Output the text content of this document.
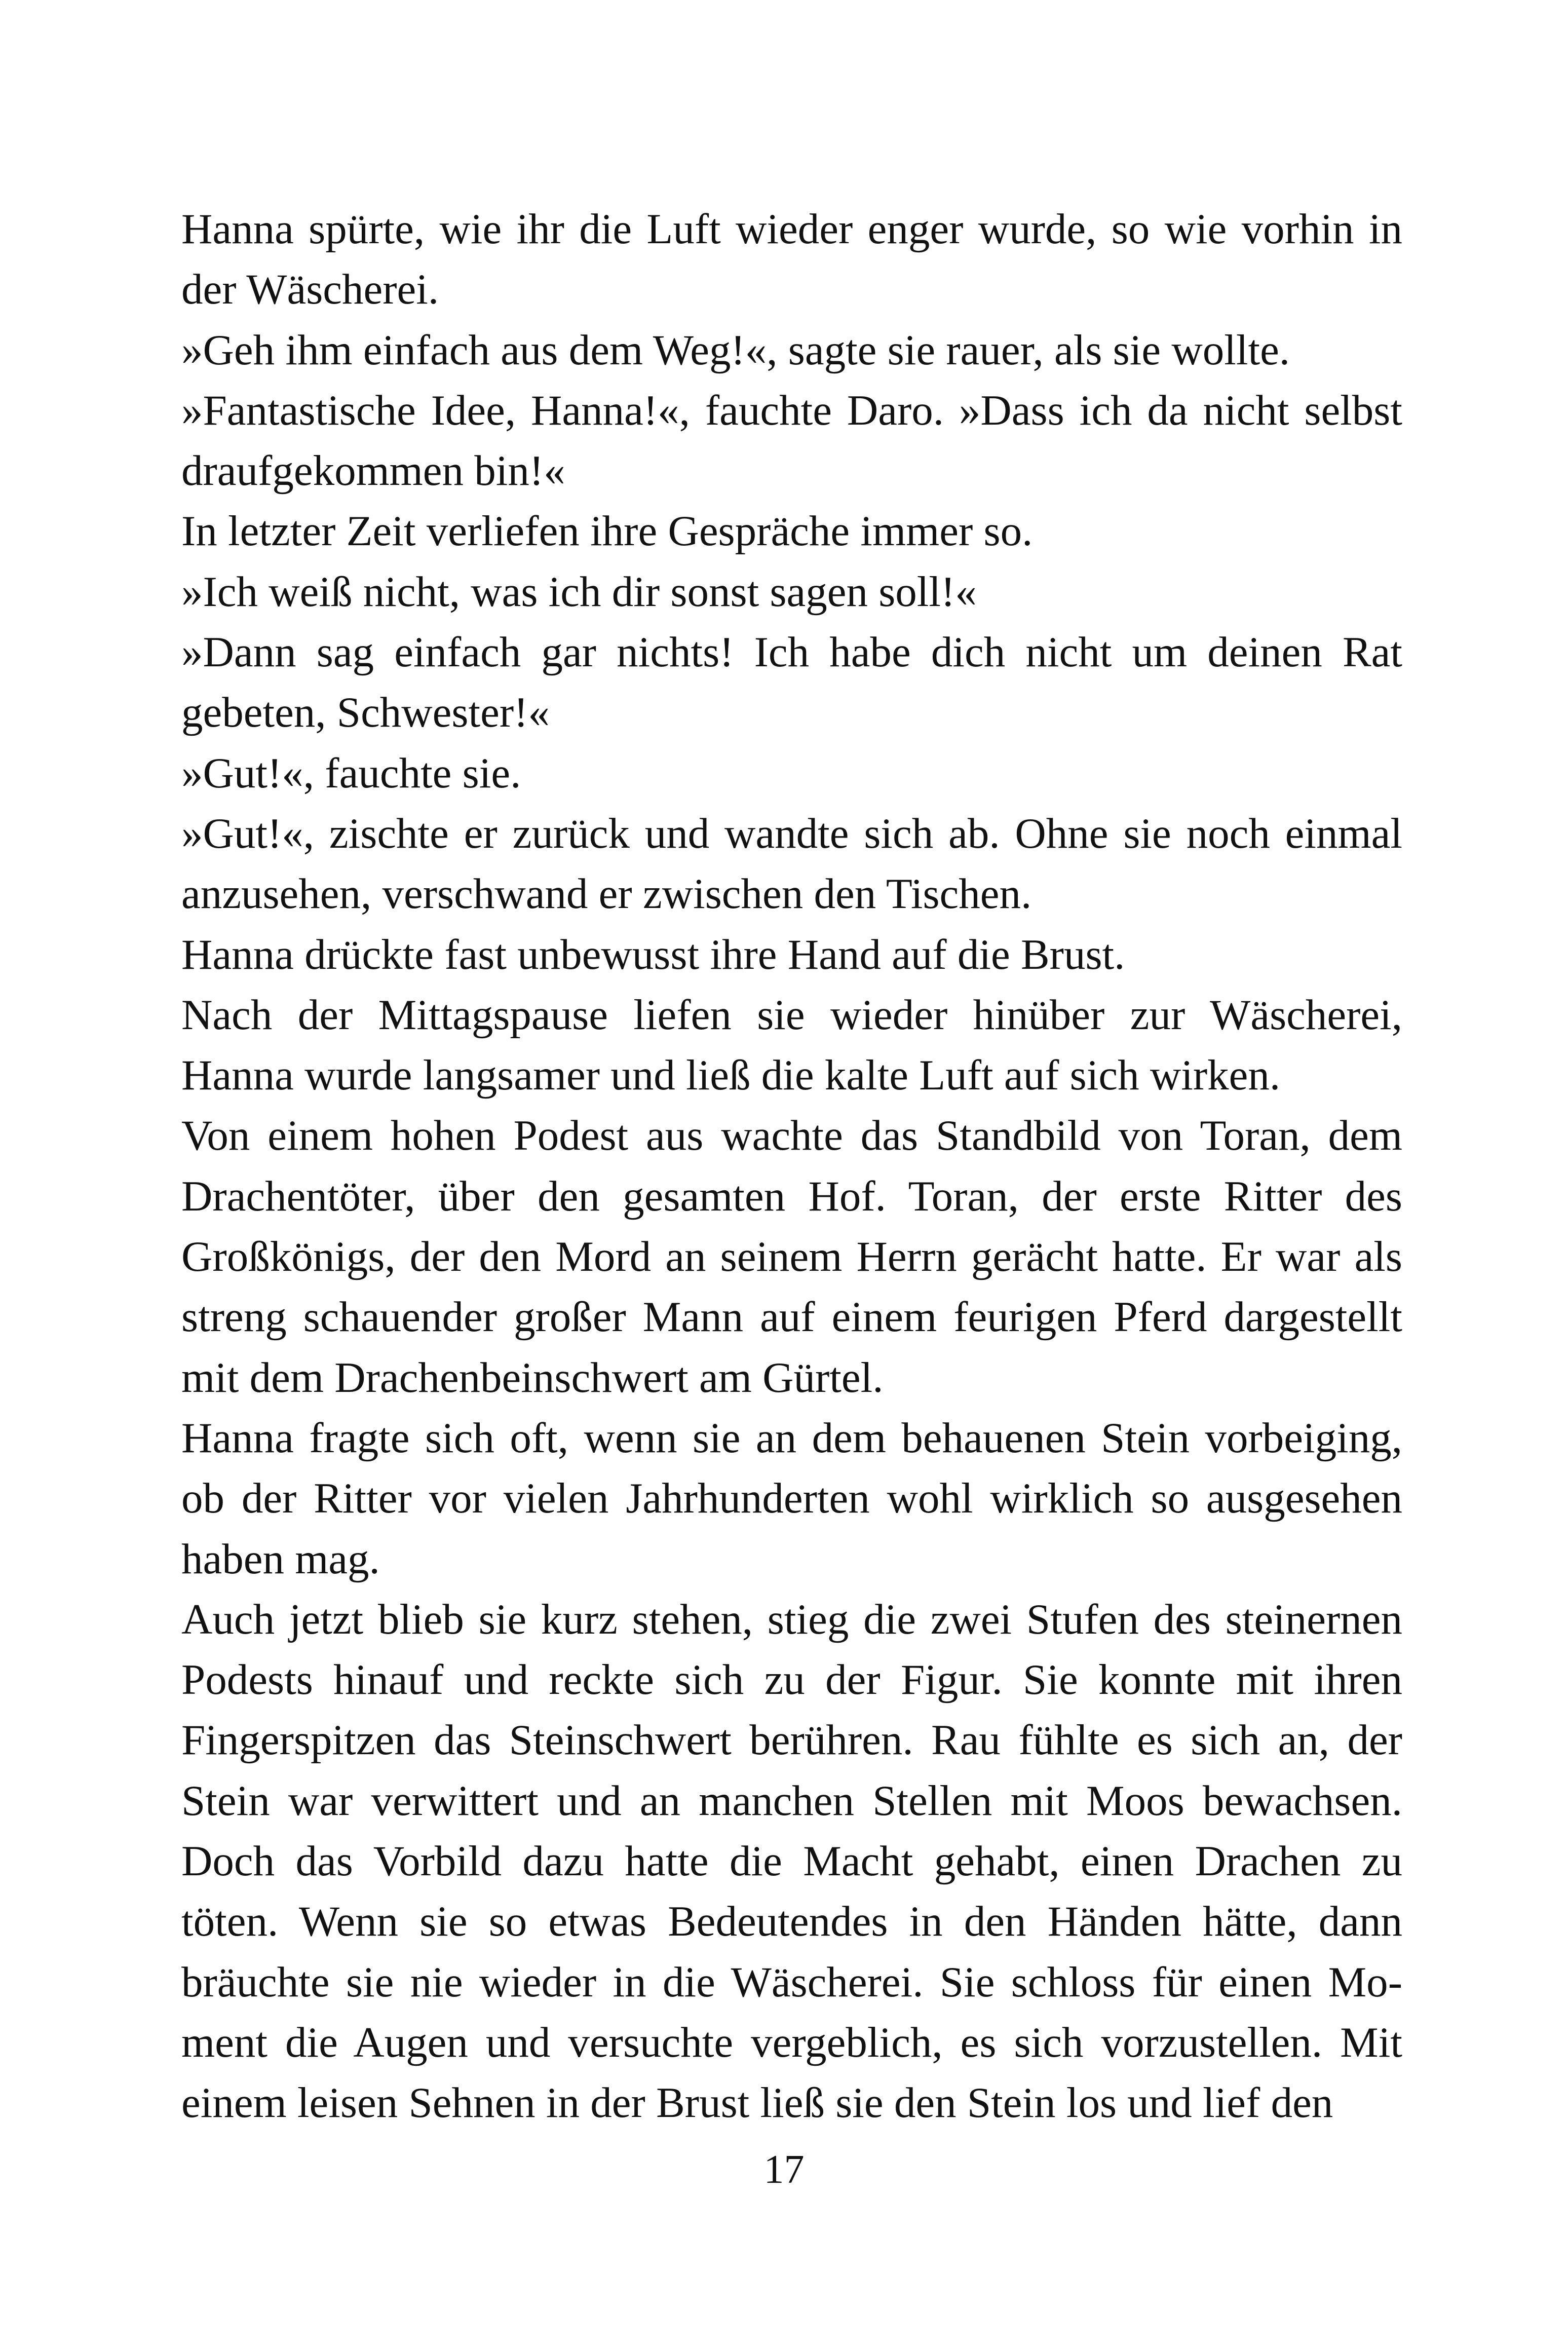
Hanna spürte, wie ihr die Luft wieder enger wurde, so wie vorhin in der Wäscherei.

»Geh ihm einfach aus dem Weg!«, sagte sie rauer, als sie wollte.

»Fantastische Idee, Hanna!«, fauchte Daro. »Dass ich da nicht selbst draufgekommen bin!«

In letzter Zeit verliefen ihre Gespräche immer so.

»Ich weiß nicht, was ich dir sonst sagen soll!«

»Dann sag einfach gar nichts! Ich habe dich nicht um deinen Rat gebeten, Schwester!«

»Gut!«, fauchte sie.

»Gut!«, zischte er zurück und wandte sich ab. Ohne sie noch einmal anzusehen, verschwand er zwischen den Tischen.

Hanna drückte fast unbewusst ihre Hand auf die Brust.

Nach der Mittagspause liefen sie wieder hinüber zur Wäscherei, Hanna wurde langsamer und ließ die kalte Luft auf sich wirken.

Von einem hohen Podest aus wachte das Standbild von Toran, dem Drachentöter, über den gesamten Hof. Toran, der erste Ritter des Großkönigs, der den Mord an seinem Herrn gerächt hatte. Er war als streng schauender großer Mann auf einem feurigen Pferd dargestellt mit dem Drachenbeinschwert am Gürtel.

Hanna fragte sich oft, wenn sie an dem behauenen Stein vorbeiging, ob der Ritter vor vielen Jahrhunderten wohl wirklich so ausgesehen haben mag.

Auch jetzt blieb sie kurz stehen, stieg die zwei Stufen des steinernen Podests hinauf und reckte sich zu der Figur. Sie konnte mit ihren Fingerspitzen das Steinschwert berühren. Rau fühlte es sich an, der Stein war verwittert und an manchen Stellen mit Moos bewachsen. Doch das Vorbild dazu hatte die Macht gehabt, einen Drachen zu töten. Wenn sie so etwas Bedeutendes in den Händen hätte, dann bräuchte sie nie wieder in die Wäscherei. Sie schloss für einen Moment die Augen und versuchte vergeblich, es sich vorzustellen. Mit einem leisen Sehnen in der Brust ließ sie den Stein los und lief den

17
